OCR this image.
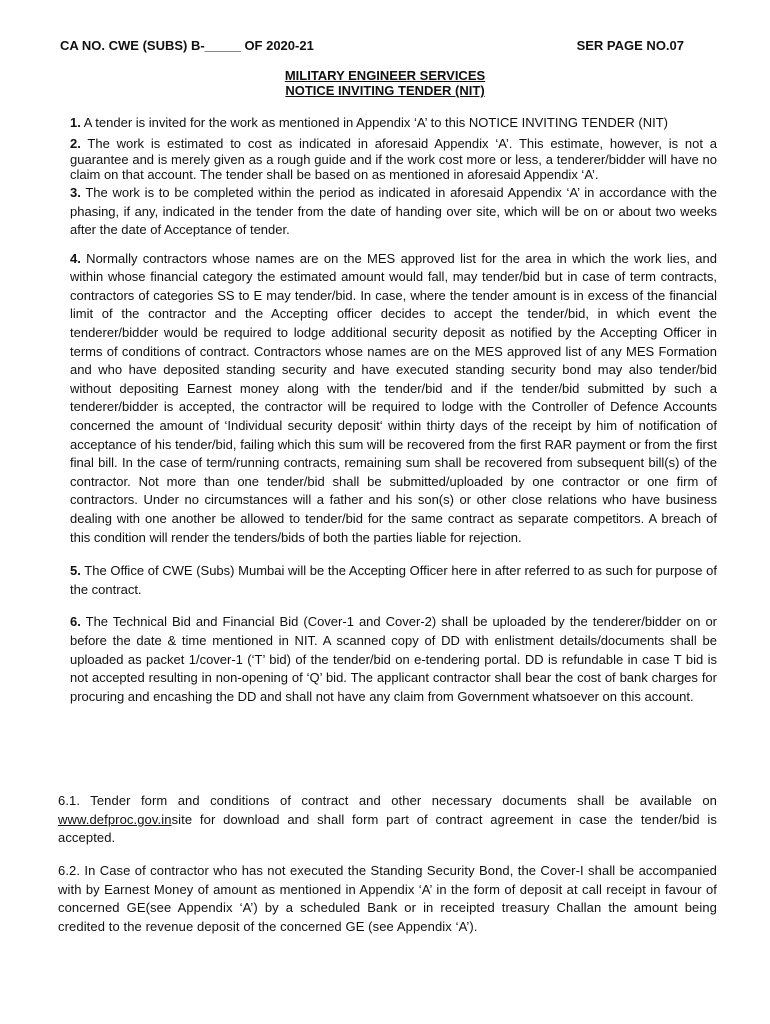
CA NO. CWE (SUBS) B-_____ OF 2020-21	SER PAGE NO.07
MILITARY ENGINEER SERVICES
NOTICE INVITING TENDER (NIT)

1. A tender is invited for the work as mentioned in Appendix ‘A’ to this NOTICE INVITING TENDER (NIT)

2. The work is estimated to cost as indicated in aforesaid Appendix ‘A’. This estimate, however, is not a guarantee and is merely given as a rough guide and if the work cost more or less, a tenderer/bidder will have no claim on that account. The tender shall be based on as mentioned in aforesaid Appendix ‘A’.

3. The work is to be completed within the period as indicated in aforesaid Appendix ‘A’ in accordance with the phasing, if any, indicated in the tender from the date of handing over site, which will be on or about two weeks after the date of Acceptance of tender.

4. Normally contractors whose names are on the MES approved list for the area in which the work lies, and within whose financial category the estimated amount would fall, may tender/bid but in case of term contracts, contractors of categories SS to E may tender/bid. In case, where the tender amount is in excess of the financial limit of the contractor and the Accepting officer decides to accept the tender/bid, in which event the tenderer/bidder would be required to lodge additional security deposit as notified by the Accepting Officer in terms of conditions of contract. Contractors whose names are on the MES approved list of any MES Formation and who have deposited standing security and have executed standing security bond may also tender/bid without depositing Earnest money along with the tender/bid and if the tender/bid submitted by such a tenderer/bidder is accepted, the contractor will be required to lodge with the Controller of Defence Accounts concerned the amount of ‘Individual security deposit‘ within thirty days of the receipt by him of notification of acceptance of his tender/bid, failing which this sum will be recovered from the first RAR payment or from the first final bill. In the case of term/running contracts, remaining sum shall be recovered from subsequent bill(s) of the contractor. Not more than one tender/bid shall be submitted/uploaded by one contractor or one firm of contractors. Under no circumstances will a father and his son(s) or other close relations who have business dealing with one another be allowed to tender/bid for the same contract as separate competitors. A breach of this condition will render the tenders/bids of both the parties liable for rejection.

5. The Office of CWE (Subs) Mumbai will be the Accepting Officer here in after referred to as such for purpose of the contract.

6. The Technical Bid and Financial Bid (Cover-1 and Cover-2) shall be uploaded by the tenderer/bidder on or before the date & time mentioned in NIT. A scanned copy of DD with enlistment details/documents shall be uploaded as packet 1/cover-1 (‘T’ bid) of the tender/bid on e-tendering portal. DD is refundable in case T bid is not accepted resulting in non-opening of ‘Q’ bid. The applicant contractor shall bear the cost of bank charges for procuring and encashing the DD and shall not have any claim from Government whatsoever on this account.

6.1. Tender form and conditions of contract and other necessary documents shall be available on www.defproc.gov.insite for download and shall form part of contract agreement in case the tender/bid is accepted.

6.2. In Case of contractor who has not executed the Standing Security Bond, the Cover-I shall be accompanied with by Earnest Money of amount as mentioned in Appendix ‘A’ in the form of deposit at call receipt in favour of concerned GE(see Appendix ‘A’) by a scheduled Bank or in receipted treasury Challan the amount being credited to the revenue deposit of the concerned GE (see Appendix ‘A’).
